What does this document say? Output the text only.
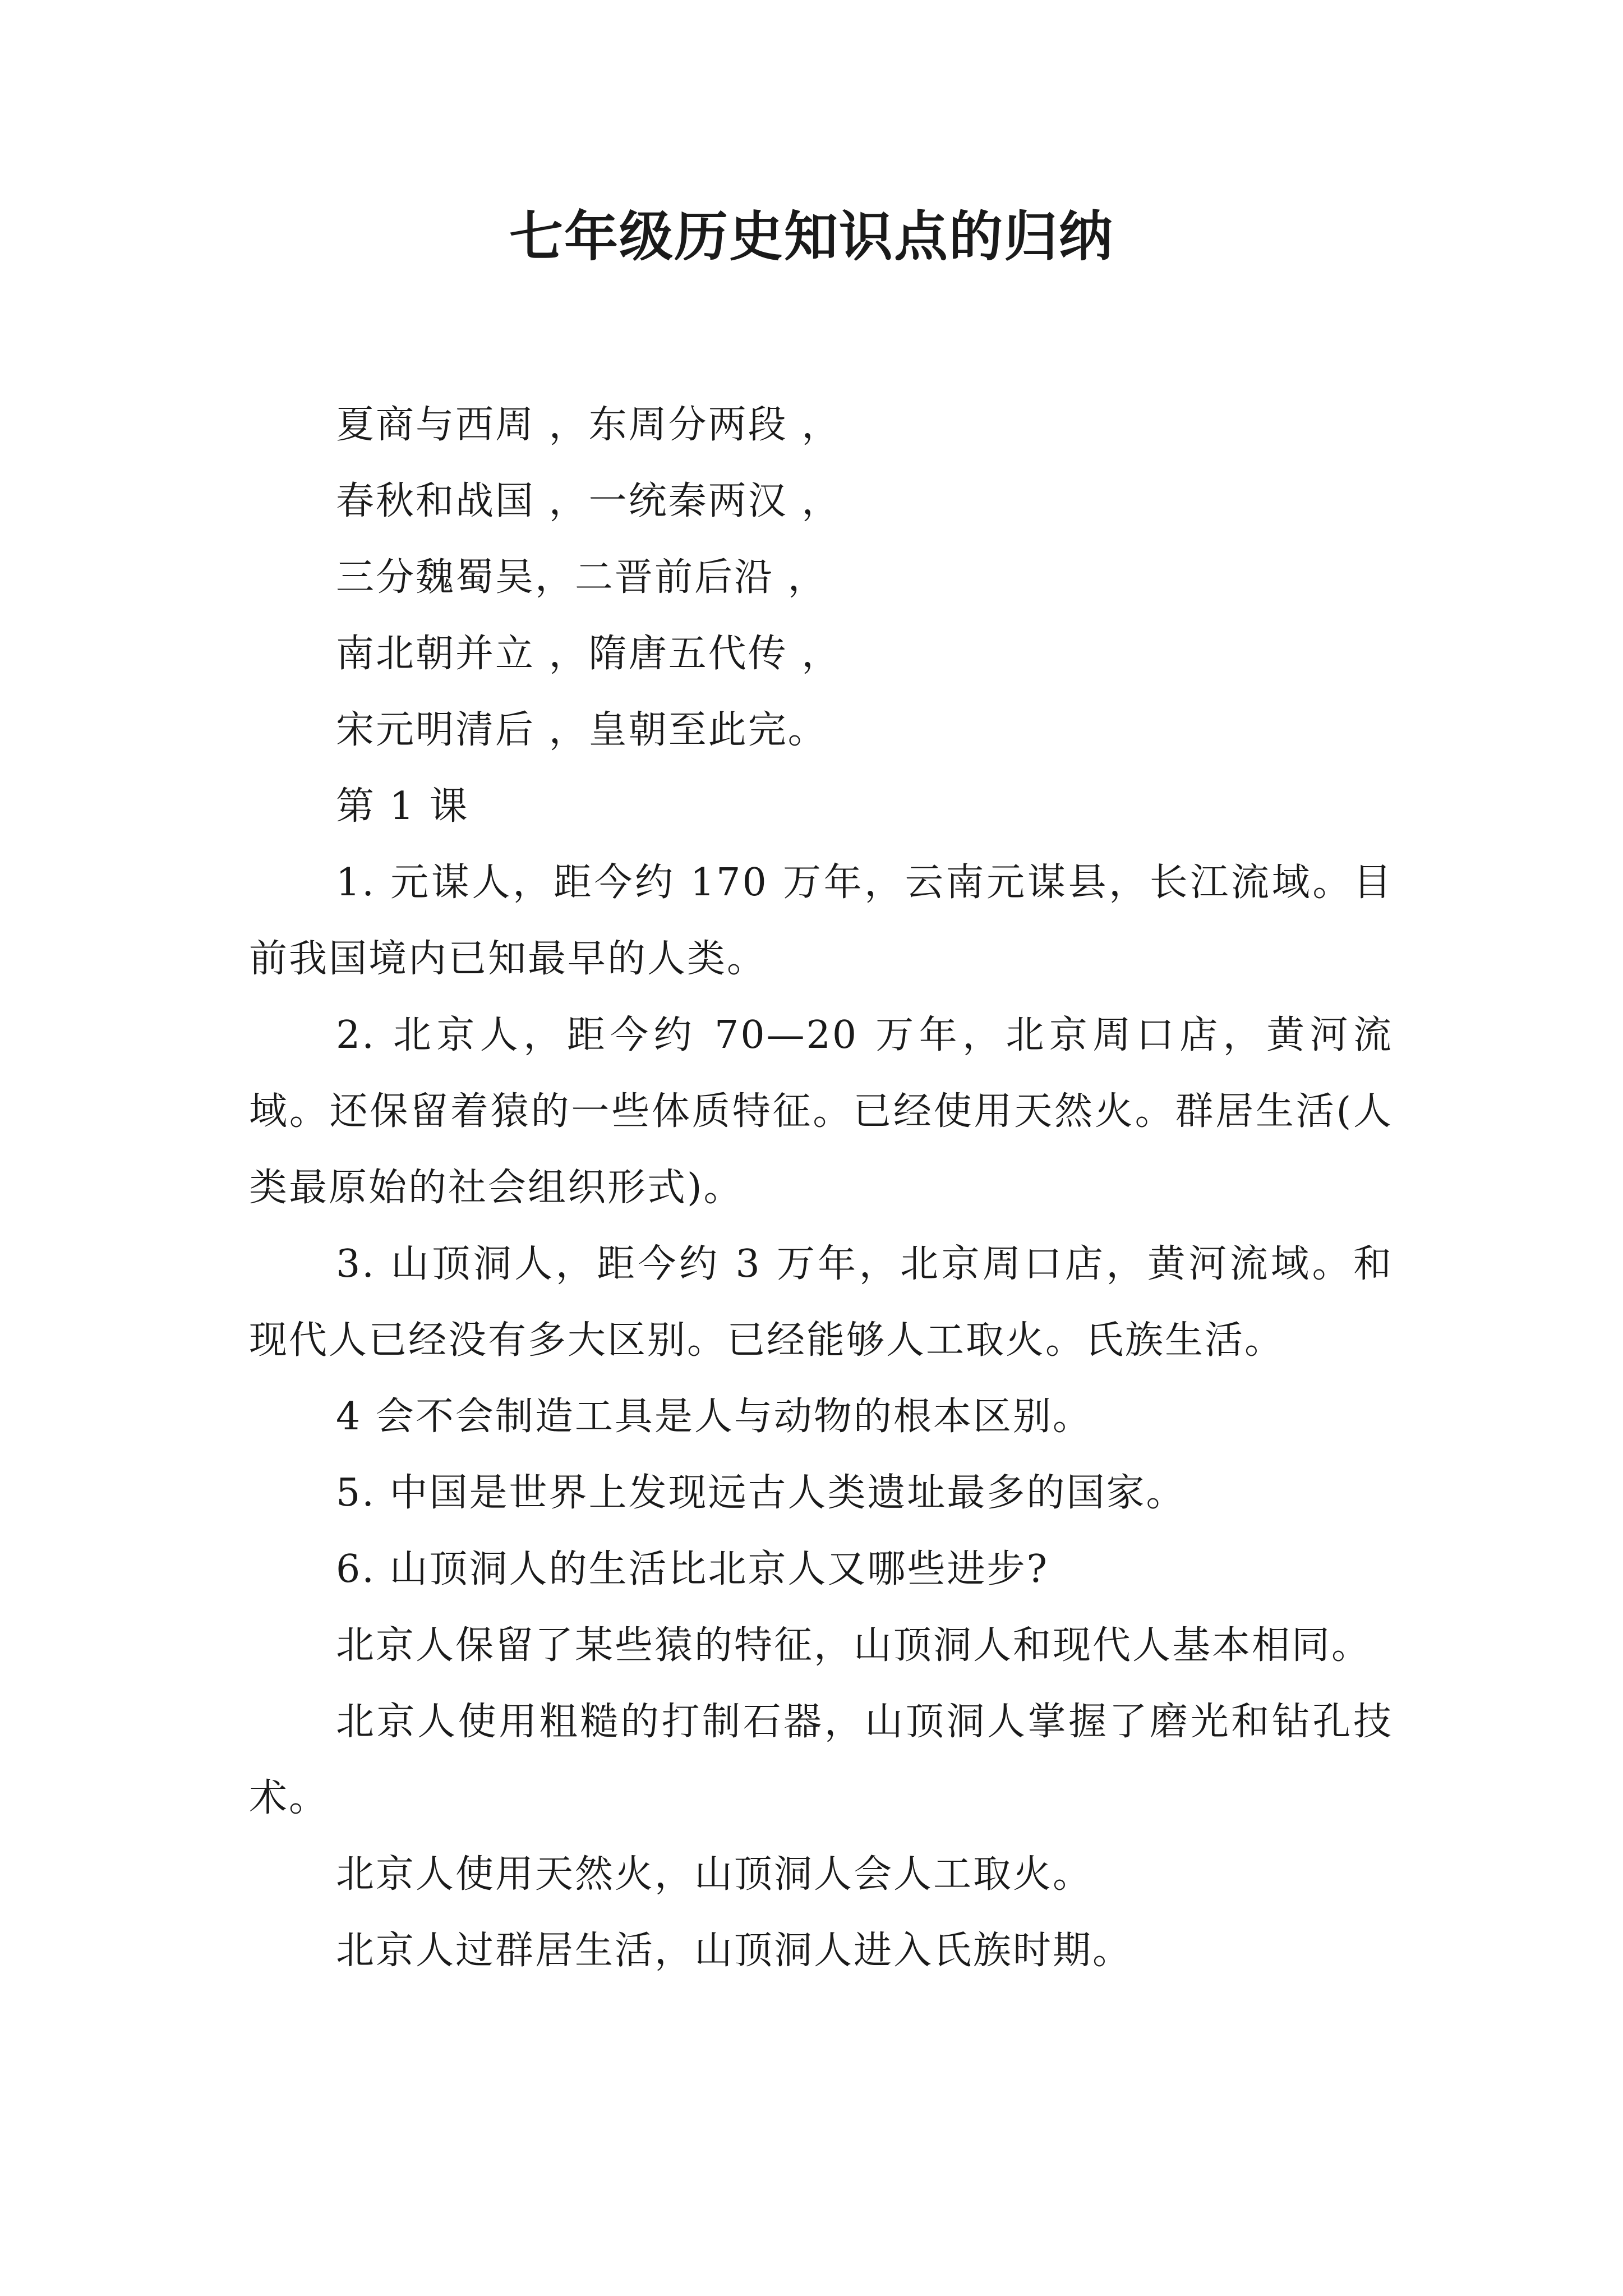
七年级历史知识点的归纳

夏商与西周 ，东周分两段 ，

春秋和战国 ，一统秦两汉 ，

三分魏蜀吴，二晋前后沿 ，

南北朝并立 ，隋唐五代传 ，

宋元明清后 ，皇朝至此完。

第 1 课

1. 元谋人，距今约 170 万年，云南元谋县，长江流域。目前我国境内已知最早的人类。

2. 北京人，距今约 70—20 万年，北京周口店，黄河流域。还保留着猿的一些体质特征。已经使用天然火。群居生活(人类最原始的社会组织形式)。

3. 山顶洞人，距今约 3 万年，北京周口店，黄河流域。和现代人已经没有多大区别。已经能够人工取火。氏族生活。

4 会不会制造工具是人与动物的根本区别。

5. 中国是世界上发现远古人类遗址最多的国家。

6. 山顶洞人的生活比北京人又哪些进步?

北京人保留了某些猿的特征，山顶洞人和现代人基本相同。

北京人使用粗糙的打制石器，山顶洞人掌握了磨光和钻孔技术。

北京人使用天然火，山顶洞人会人工取火。

北京人过群居生活，山顶洞人进入氏族时期。
